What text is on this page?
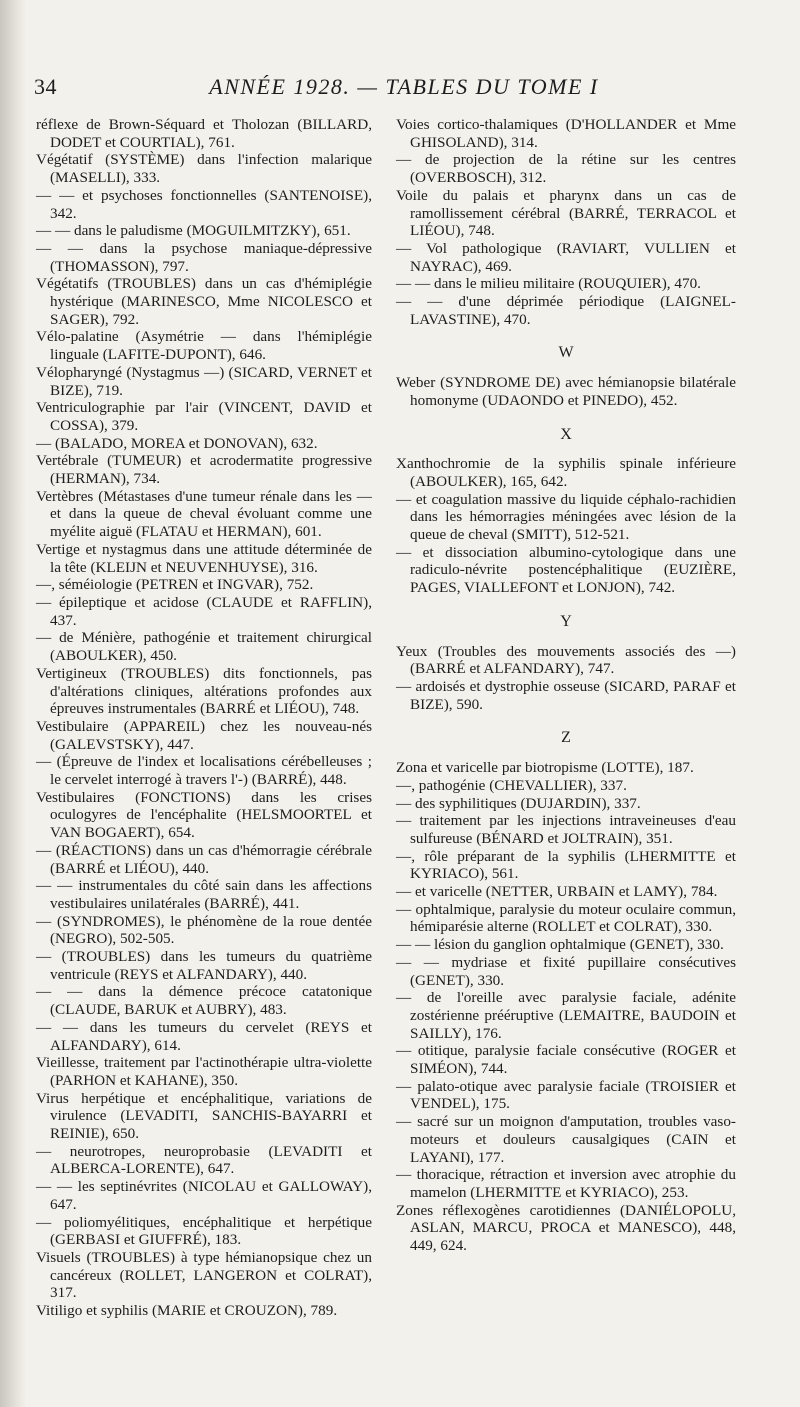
34	ANNÉE 1928. — TABLES DU TOME I

réflexe de Brown-Séquard et Tholozan (BILLARD, DODET et COURTIAL), 761.

Végétatif (SYSTÈME) dans l'infection malarique (MASELLI), 333.

— — et psychoses fonctionnelles (SANTENOISE), 342.

— — dans le paludisme (MOGUILMITZKY), 651.

— — dans la psychose maniaque-dépressive (THOMASSON), 797.

Végétatifs (TROUBLES) dans un cas d'hémiplégie hystérique (MARINESCO, Mme NICOLESCO et SAGER), 792.

Vélo-palatine (Asymétrie — dans l'hémiplégie linguale (LAFITE-DUPONT), 646.

Vélopharyngé (Nystagmus —) (SICARD, VERNET et BIZE), 719.

Ventriculographie par l'air (VINCENT, DAVID et COSSA), 379.

— (BALADO, MOREA et DONOVAN), 632.

Vertébrale (TUMEUR) et acrodermatite progressive (HERMAN), 734.

Vertèbres (Métastases d'une tumeur rénale dans les — et dans la queue de cheval évoluant comme une myélite aiguë (FLATAU et HERMAN), 601.

Vertige et nystagmus dans une attitude déterminée de la tête (KLEIJN et NEUVENHUYSE), 316.

—, séméiologie (PETREN et INGVAR), 752.

— épileptique et acidose (CLAUDE et RAFFLIN), 437.

— de Ménière, pathogénie et traitement chirurgical (ABOULKER), 450.

Vertigineux (TROUBLES) dits fonctionnels, pas d'altérations cliniques, altérations profondes aux épreuves instrumentales (BARRÉ et LIÉOU), 748.

Vestibulaire (APPAREIL) chez les nouveau-nés (GALEVSTSKY), 447.

— (Épreuve de l'index et localisations cérébelleuses ; le cervelet interrogé à travers l'-) (BARRÉ), 448.

Vestibulaires (FONCTIONS) dans les crises oculogyres de l'encéphalite (HELSMOORTEL et VAN BOGAERT), 654.

— (RÉACTIONS) dans un cas d'hémorragie cérébrale (BARRÉ et LIÉOU), 440.

— — instrumentales du côté sain dans les affections vestibulaires unilatérales (BARRÉ), 441.

— (SYNDROMES), le phénomène de la roue dentée (NEGRO), 502-505.

— (TROUBLES) dans les tumeurs du quatrième ventricule (REYS et ALFANDARY), 440.

— — dans la démence précoce catatonique (CLAUDE, BARUK et AUBRY), 483.

— — dans les tumeurs du cervelet (REYS et ALFANDARY), 614.

Vieillesse, traitement par l'actinothérapie ultra-violette (PARHON et KAHANE), 350.

Virus herpétique et encéphalitique, variations de virulence (LEVADITI, SANCHIS-BAYARRI et REINIE), 650.

— neurotropes, neuroprobasie (LEVADITI et ALBERCA-LORENTE), 647.

— — les septinévrites (NICOLAU et GALLOWAY), 647.

— poliomyélitiques, encéphalitique et herpétique (GERBASI et GIUFFRÉ), 183.

Visuels (TROUBLES) à type hémianopsique chez un cancéreux (ROLLET, LANGERON et COLRAT), 317.

Vitiligo et syphilis (MARIE et CROUZON), 789.

Voies cortico-thalamiques (D'HOLLANDER et Mme GHISOLAND), 314.

— de projection de la rétine sur les centres (OVERBOSCH), 312.

Voile du palais et pharynx dans un cas de ramollissement cérébral (BARRÉ, TERRACOL et LIÉOU), 748.

— Vol pathologique (RAVIART, VULLIEN et NAYRAC), 469.

— — dans le milieu militaire (ROUQUIER), 470.

— — d'une déprimée périodique (LAIGNEL-LAVASTINE), 470.

W

Weber (SYNDROME DE) avec hémianopsie bilatérale homonyme (UDAONDO et PINEDO), 452.

X

Xanthochromie de la syphilis spinale inférieure (ABOULKER), 165, 642.

— et coagulation massive du liquide céphalo-rachidien dans les hémorragies méningées avec lésion de la queue de cheval (SMITT), 512-521.

— et dissociation albumino-cytologique dans une radiculo-névrite postencéphalitique (EUZIÈRE, PAGES, VIALLEFONT et LONJON), 742.

Y

Yeux (Troubles des mouvements associés des —) (BARRÉ et ALFANDARY), 747.

— ardoisés et dystrophie osseuse (SICARD, PARAF et BIZE), 590.

Z

Zona et varicelle par biotropisme (LOTTE), 187.

—, pathogénie (CHEVALLIER), 337.

— des syphilitiques (DUJARDIN), 337.

— traitement par les injections intraveineuses d'eau sulfureuse (BÉNARD et JOLTRAIN), 351.

—, rôle préparant de la syphilis (LHERMITTE et KYRIACO), 561.

— et varicelle (NETTER, URBAIN et LAMY), 784.

— ophtalmique, paralysie du moteur oculaire commun, hémiparésie alterne (ROLLET et COLRAT), 330.

— — lésion du ganglion ophtalmique (GENET), 330.

— — mydriase et fixité pupillaire consécutives (GENET), 330.

— de l'oreille avec paralysie faciale, adénite zostérienne prééruptive (LEMAITRE, BAUDOIN et SAILLY), 176.

— otitique, paralysie faciale consécutive (ROGER et SIMÉON), 744.

— palato-otique avec paralysie faciale (TROISIER et VENDEL), 175.

— sacré sur un moignon d'amputation, troubles vaso-moteurs et douleurs causalgiques (CAIN et LAYANI), 177.

— thoracique, rétraction et inversion avec atrophie du mamelon (LHERMITTE et KYRIACO), 253.

Zones réflexogènes carotidiennes (DANIÉLOPOLU, ASLAN, MARCU, PROCA et MANESCO), 448, 449, 624.
